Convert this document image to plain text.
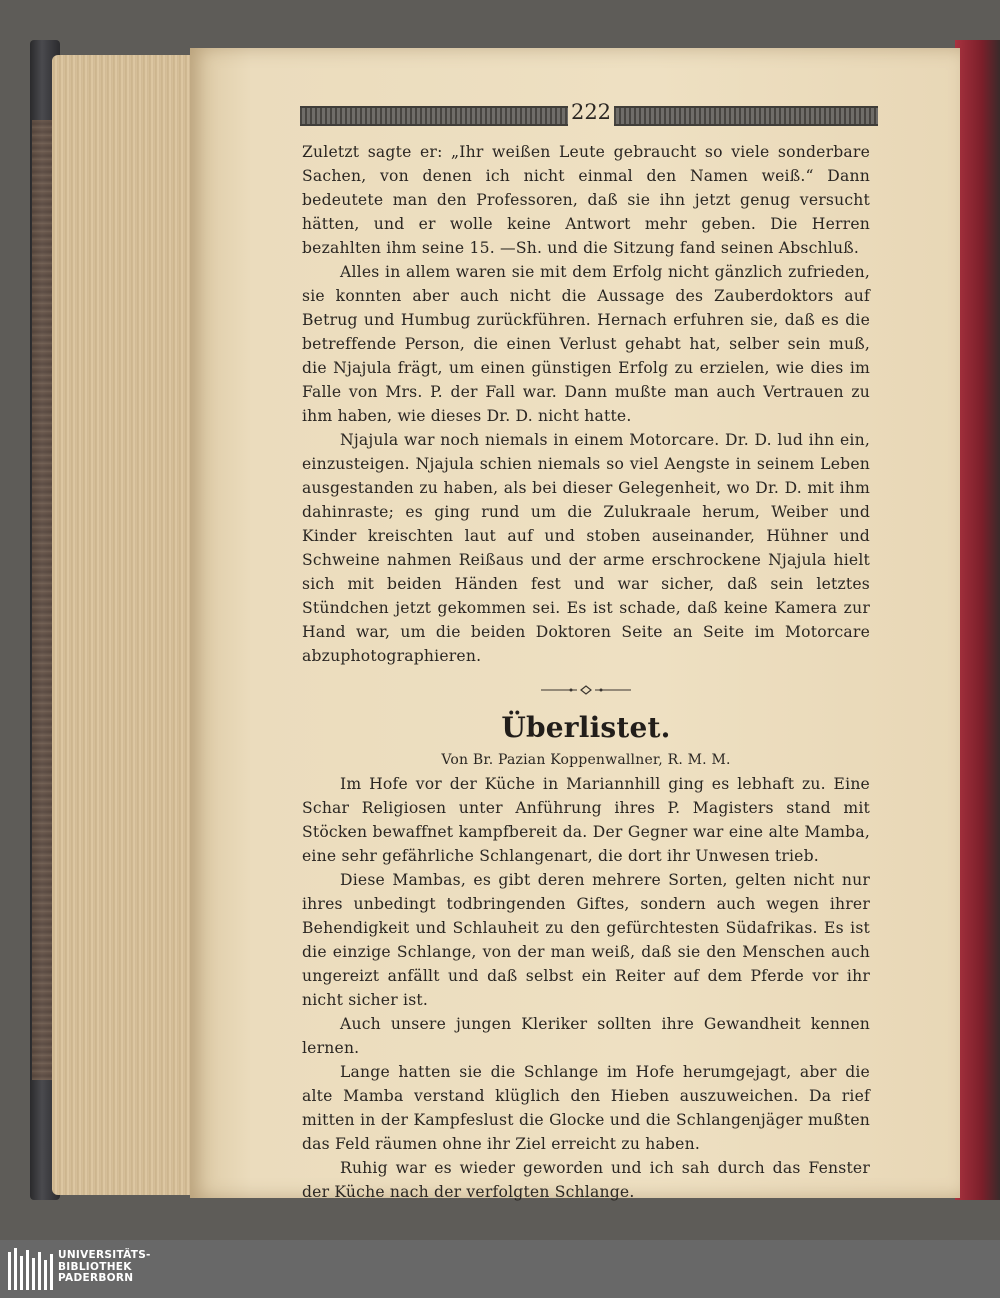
222

Zuletzt sagte er: „Ihr weißen Leute gebraucht so viele sonderbare Sachen, von denen ich nicht einmal den Namen weiß.“ Dann bedeutete man den Professoren, daß sie ihn jetzt genug versucht hätten, und er wolle keine Antwort mehr geben. Die Herren bezahlten ihm seine 15. —Sh. und die Sitzung fand seinen Abschluß.

Alles in allem waren sie mit dem Erfolg nicht gänzlich zufrieden, sie konnten aber auch nicht die Aussage des Zauberdoktors auf Betrug und Humbug zurückführen. Hernach erfuhren sie, daß es die betreffende Person, die einen Verlust gehabt hat, selber sein muß, die Njajula frägt, um einen günstigen Erfolg zu erzielen, wie dies im Falle von Mrs. P. der Fall war. Dann mußte man auch Vertrauen zu ihm haben, wie dieses Dr. D. nicht hatte.

Njajula war noch niemals in einem Motorcare. Dr. D. lud ihn ein, einzusteigen. Njajula schien niemals so viel Aengste in seinem Leben ausgestanden zu haben, als bei dieser Gelegenheit, wo Dr. D. mit ihm dahinraste; es ging rund um die Zulukraale herum, Weiber und Kinder kreischten laut auf und stoben auseinander, Hühner und Schweine nahmen Reißaus und der arme erschrockene Njajula hielt sich mit beiden Händen fest und war sicher, daß sein letztes Stündchen jetzt gekommen sei. Es ist schade, daß keine Kamera zur Hand war, um die beiden Doktoren Seite an Seite im Motorcare abzuphotographieren.

Überlistet.
Von Br. Pazian Koppenwallner, R. M. M.

Im Hofe vor der Küche in Mariannhill ging es lebhaft zu. Eine Schar Religiosen unter Anführung ihres P. Magisters stand mit Stöcken bewaffnet kampfbereit da. Der Gegner war eine alte Mamba, eine sehr gefährliche Schlangenart, die dort ihr Unwesen trieb.

Diese Mambas, es gibt deren mehrere Sorten, gelten nicht nur ihres unbedingt todbringenden Giftes, sondern auch wegen ihrer Behendigkeit und Schlauheit zu den gefürchtesten Südafrikas. Es ist die einzige Schlange, von der man weiß, daß sie den Menschen auch ungereizt anfällt und daß selbst ein Reiter auf dem Pferde vor ihr nicht sicher ist.

Auch unsere jungen Kleriker sollten ihre Gewandheit kennen lernen.

Lange hatten sie die Schlange im Hofe herumgejagt, aber die alte Mamba verstand klüglich den Hieben auszuweichen. Da rief mitten in der Kampfeslust die Glocke und die Schlangenjäger mußten das Feld räumen ohne ihr Ziel erreicht zu haben.

Ruhig war es wieder geworden und ich sah durch das Fenster der Küche nach der verfolgten Schlange.

UNIVERSITÄTS-
BIBLIOTHEK
PADERBORN
